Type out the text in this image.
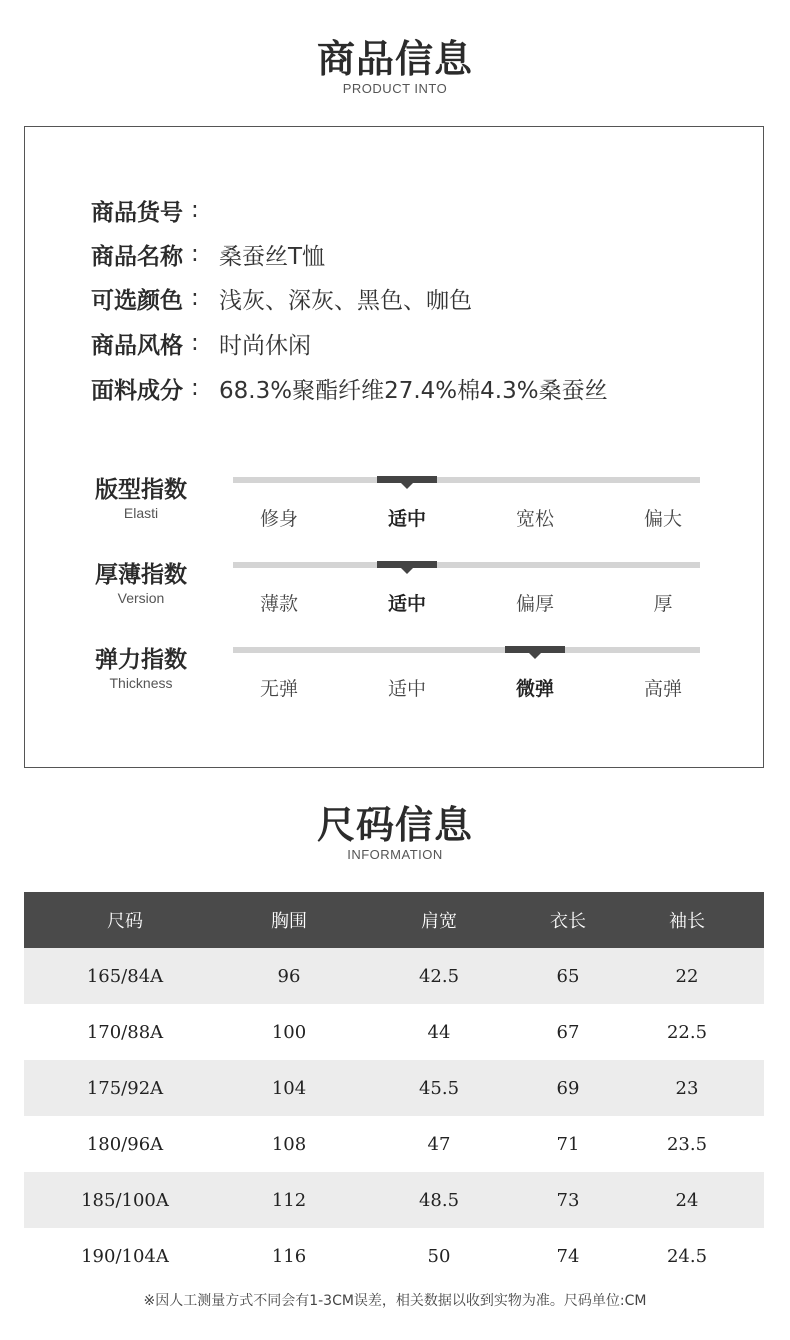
商品信息
PRODUCT INTO
商品货号 :
商品名称 : 桑蚕丝T恤
可选颜色 : 浅灰、深灰、黑色、咖色
商品风格 : 时尚休闲
面料成分 : 68.3%聚酯纤维27.4%棉4.3%桑蚕丝
版型指数
Elasti	修身	适中	宽松	偏大
厚薄指数
Version	薄款	适中	偏厚	厚
弹力指数
Thickness	无弹	适中	微弹	高弹
尺码信息
INFORMATION
尺码	胸围	肩宽	衣长	袖长
165/84A	96	42.5	65	22
170/88A	100	44	67	22.5
175/92A	104	45.5	69	23
180/96A	108	47	71	23.5
185/100A	112	48.5	73	24
190/104A	116	50	74	24.5
※因人工测量方式不同会有1-3CM误差，相关数据以收到实物为准。尺码单位:CM
